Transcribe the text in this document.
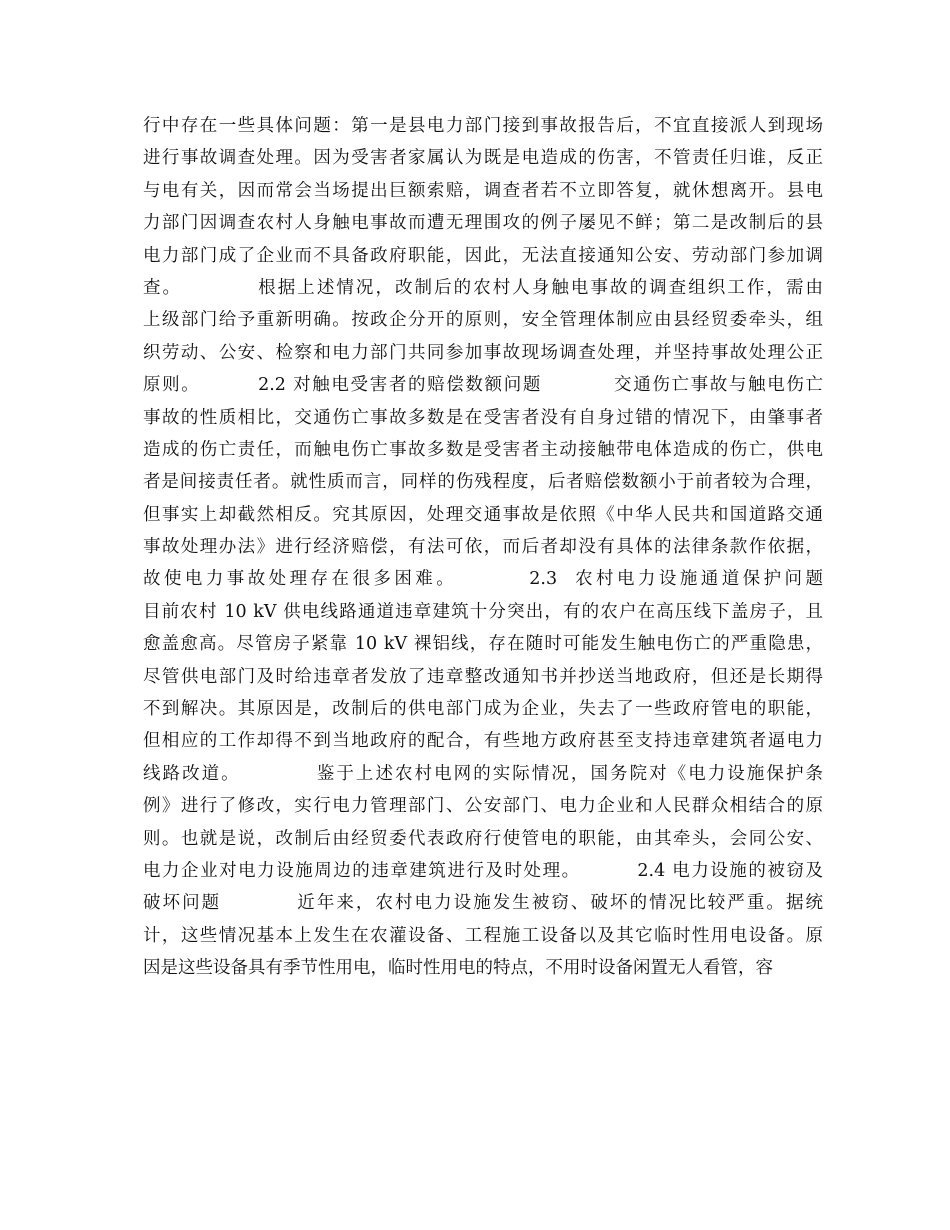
行中存在一些具体问题：第一是县电力部门接到事故报告后，不宜直接派人到现场
进行事故调查处理。因为受害者家属认为既是电造成的伤害，不管责任归谁，反正
与电有关，因而常会当场提出巨额索赔，调查者若不立即答复，就休想离开。县电
力部门因调查农村人身触电事故而遭无理围攻的例子屡见不鲜；第二是改制后的县
电力部门成了企业而不具备政府职能，因此，无法直接通知公安、劳动部门参加调
查。          根据上述情况，改制后的农村人身触电事故的调查组织工作，需由
上级部门给予重新明确。按政企分开的原则，安全管理体制应由县经贸委牵头，组
织劳动、公安、检察和电力部门共同参加事故现场调查处理，并坚持事故处理公正
原则。        2.2 对触电受害者的赔偿数额问题          交通伤亡事故与触电伤亡
事故的性质相比，交通伤亡事故多数是在受害者没有自身过错的情况下，由肇事者
造成的伤亡责任，而触电伤亡事故多数是受害者主动接触带电体造成的伤亡，供电
者是间接责任者。就性质而言，同样的伤残程度，后者赔偿数额小于前者较为合理，
但事实上却截然相反。究其原因，处理交通事故是依照《中华人民共和国道路交通
事故处理办法》进行经济赔偿，有法可依，而后者却没有具体的法律条款作依据，
故使电力事故处理存在很多困难。        2.3  农村电力设施通道保护问题
目前农村 10 kV 供电线路通道违章建筑十分突出，有的农户在高压线下盖房子，且
愈盖愈高。尽管房子紧靠 10 kV 裸铝线，存在随时可能发生触电伤亡的严重隐患，
尽管供电部门及时给违章者发放了违章整改通知书并抄送当地政府，但还是长期得
不到解决。其原因是，改制后的供电部门成为企业，失去了一些政府管电的职能，
但相应的工作却得不到当地政府的配合，有些地方政府甚至支持违章建筑者逼电力
线路改道。          鉴于上述农村电网的实际情况，国务院对《电力设施保护条
例》进行了修改，实行电力管理部门、公安部门、电力企业和人民群众相结合的原
则。也就是说，改制后由经贸委代表政府行使管电的职能，由其牵头，会同公安、
电力企业对电力设施周边的违章建筑进行及时处理。        2.4 电力设施的被窃及
破坏问题          近年来，农村电力设施发生被窃、破坏的情况比较严重。据统
计，这些情况基本上发生在农灌设备、工程施工设备以及其它临时性用电设备。原
因是这些设备具有季节性用电，临时性用电的特点，不用时设备闲置无人看管，容
